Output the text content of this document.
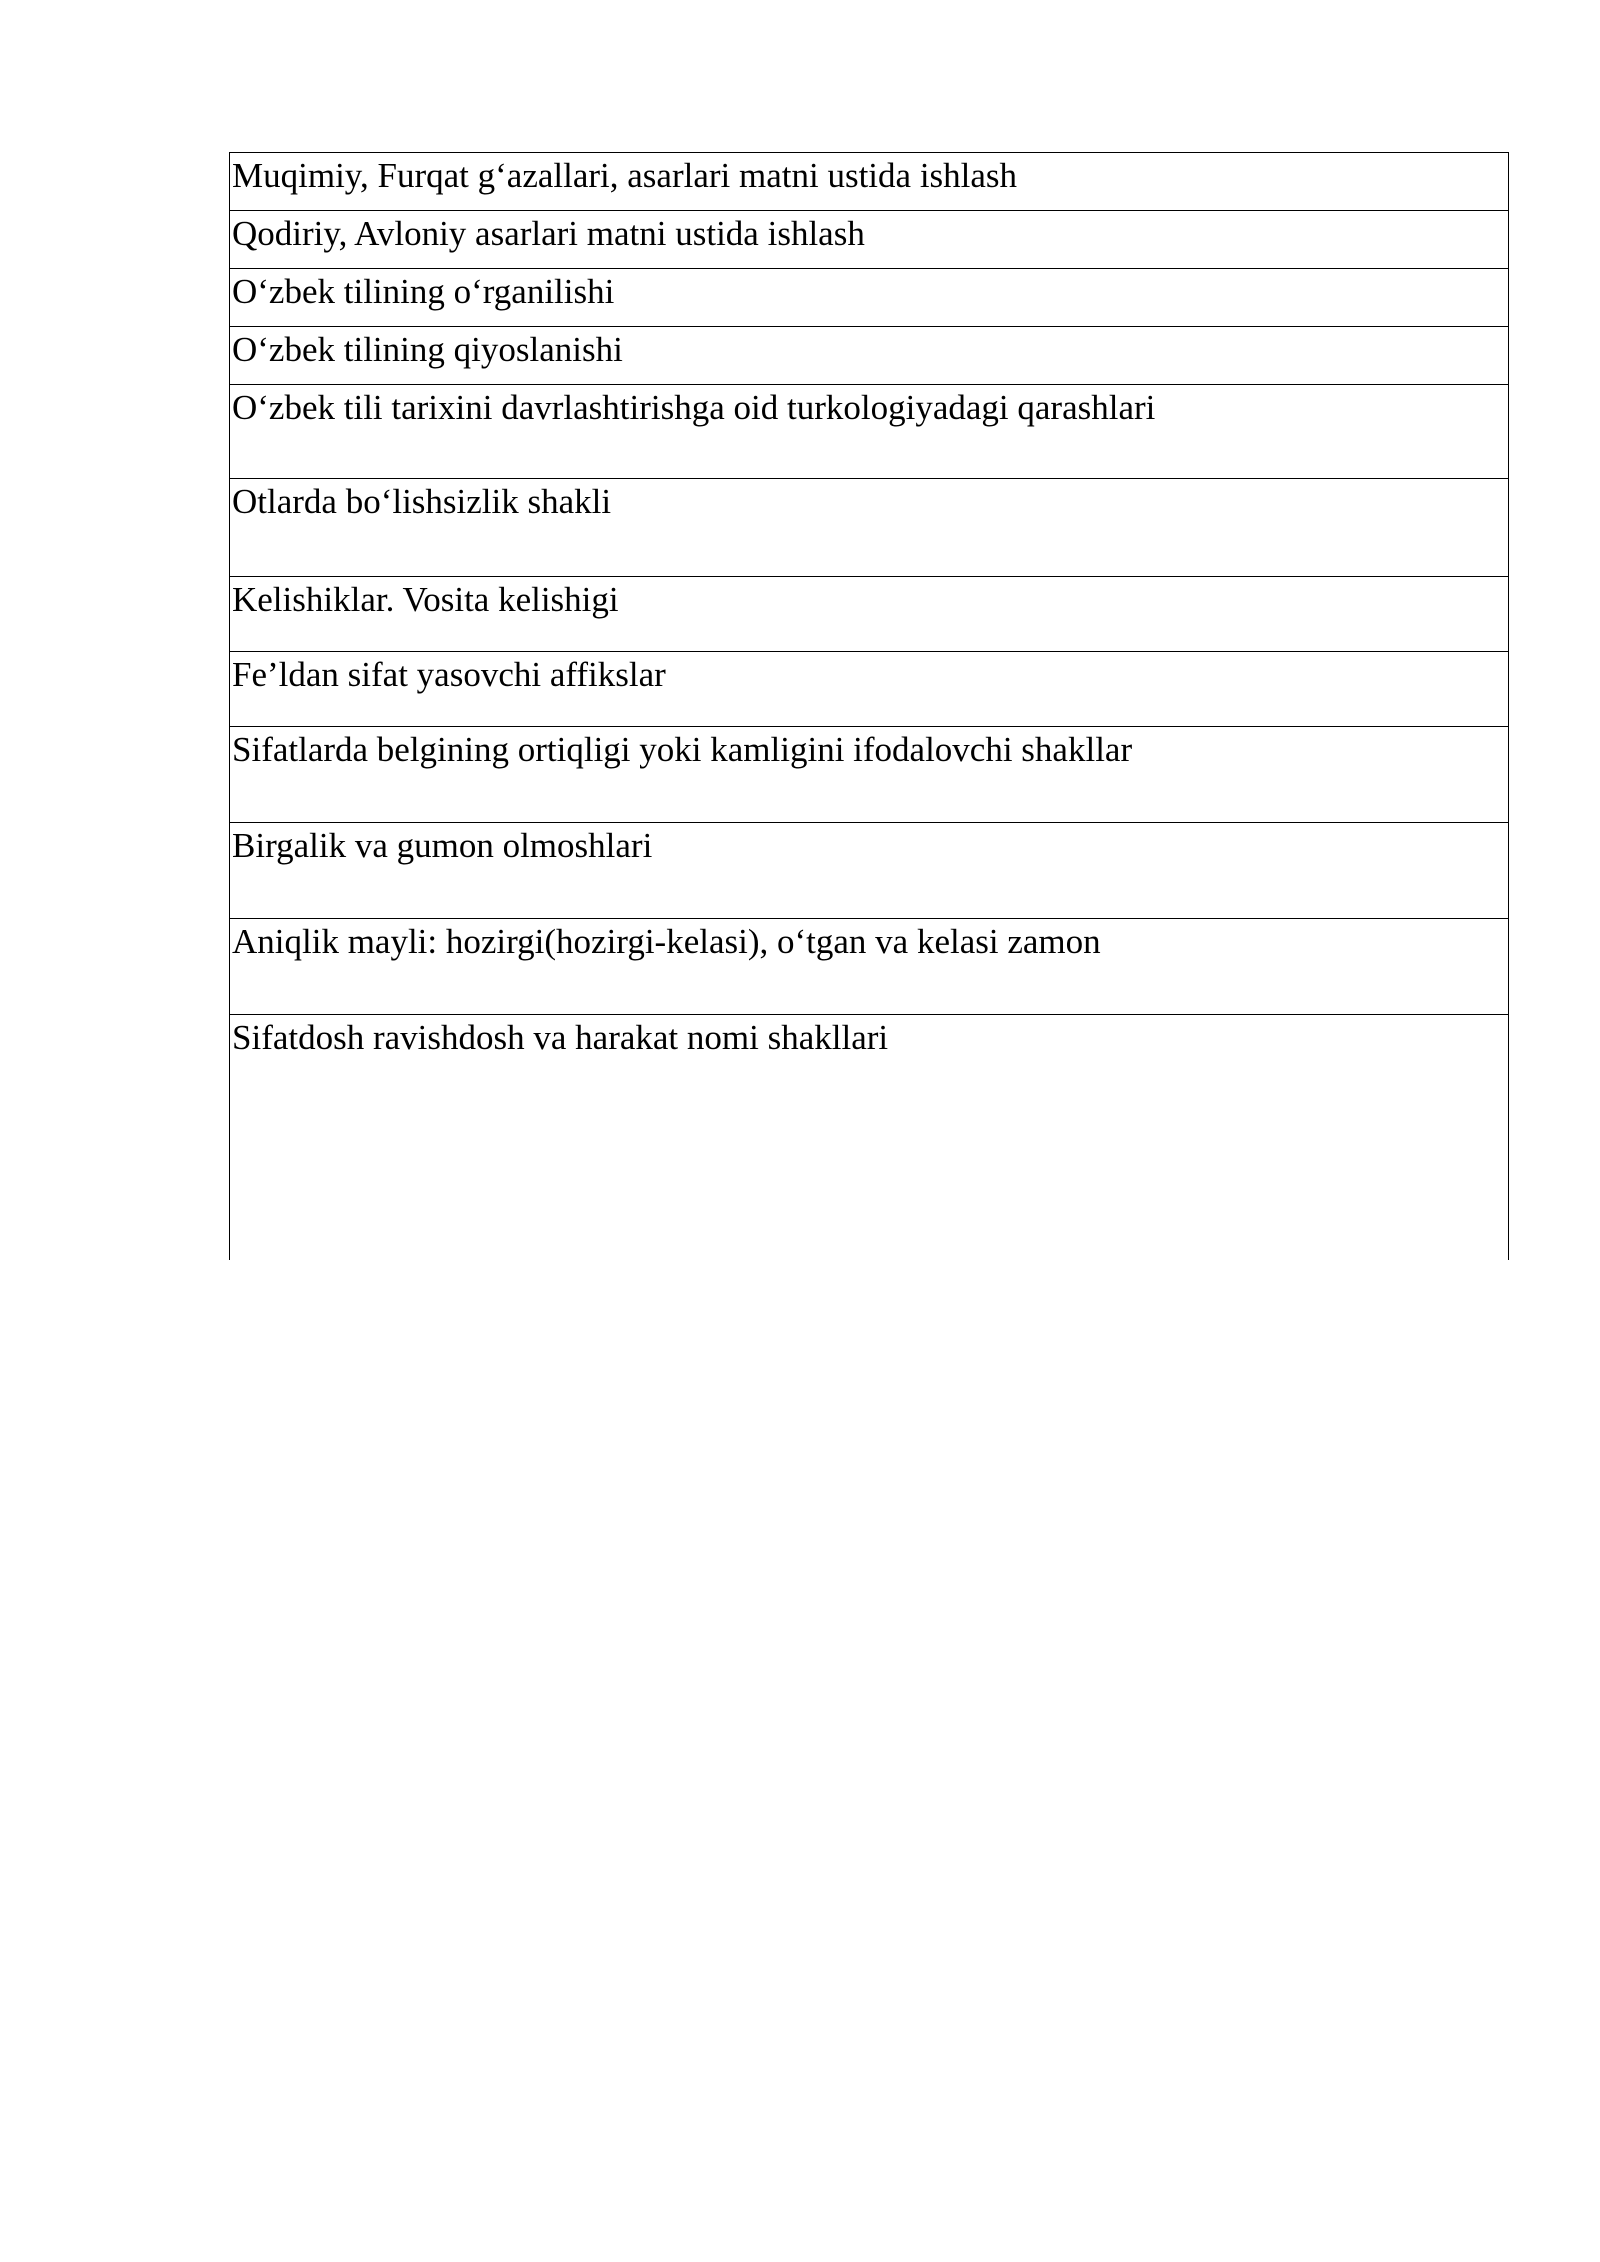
Muqimiy, Furqat g‘azallari, asarlari matni ustida ishlash
Qodiriy, Avloniy asarlari matni ustida ishlash
O‘zbek tilining o‘rganilishi
O‘zbek tilining qiyoslanishi
O‘zbek tili tarixini davrlashtirishga oid turkologiyadagi qarashlari
Otlarda bo‘lishsizlik shakli
Kelishiklar. Vosita kelishigi
Fe’ldan sifat yasovchi affikslar
Sifatlarda belgining ortiqligi yoki kamligini ifodalovchi shakllar
Birgalik va gumon olmoshlari
Aniqlik mayli: hozirgi(hozirgi-kelasi), o‘tgan va kelasi zamon
Sifatdosh ravishdosh va harakat nomi shakllari
